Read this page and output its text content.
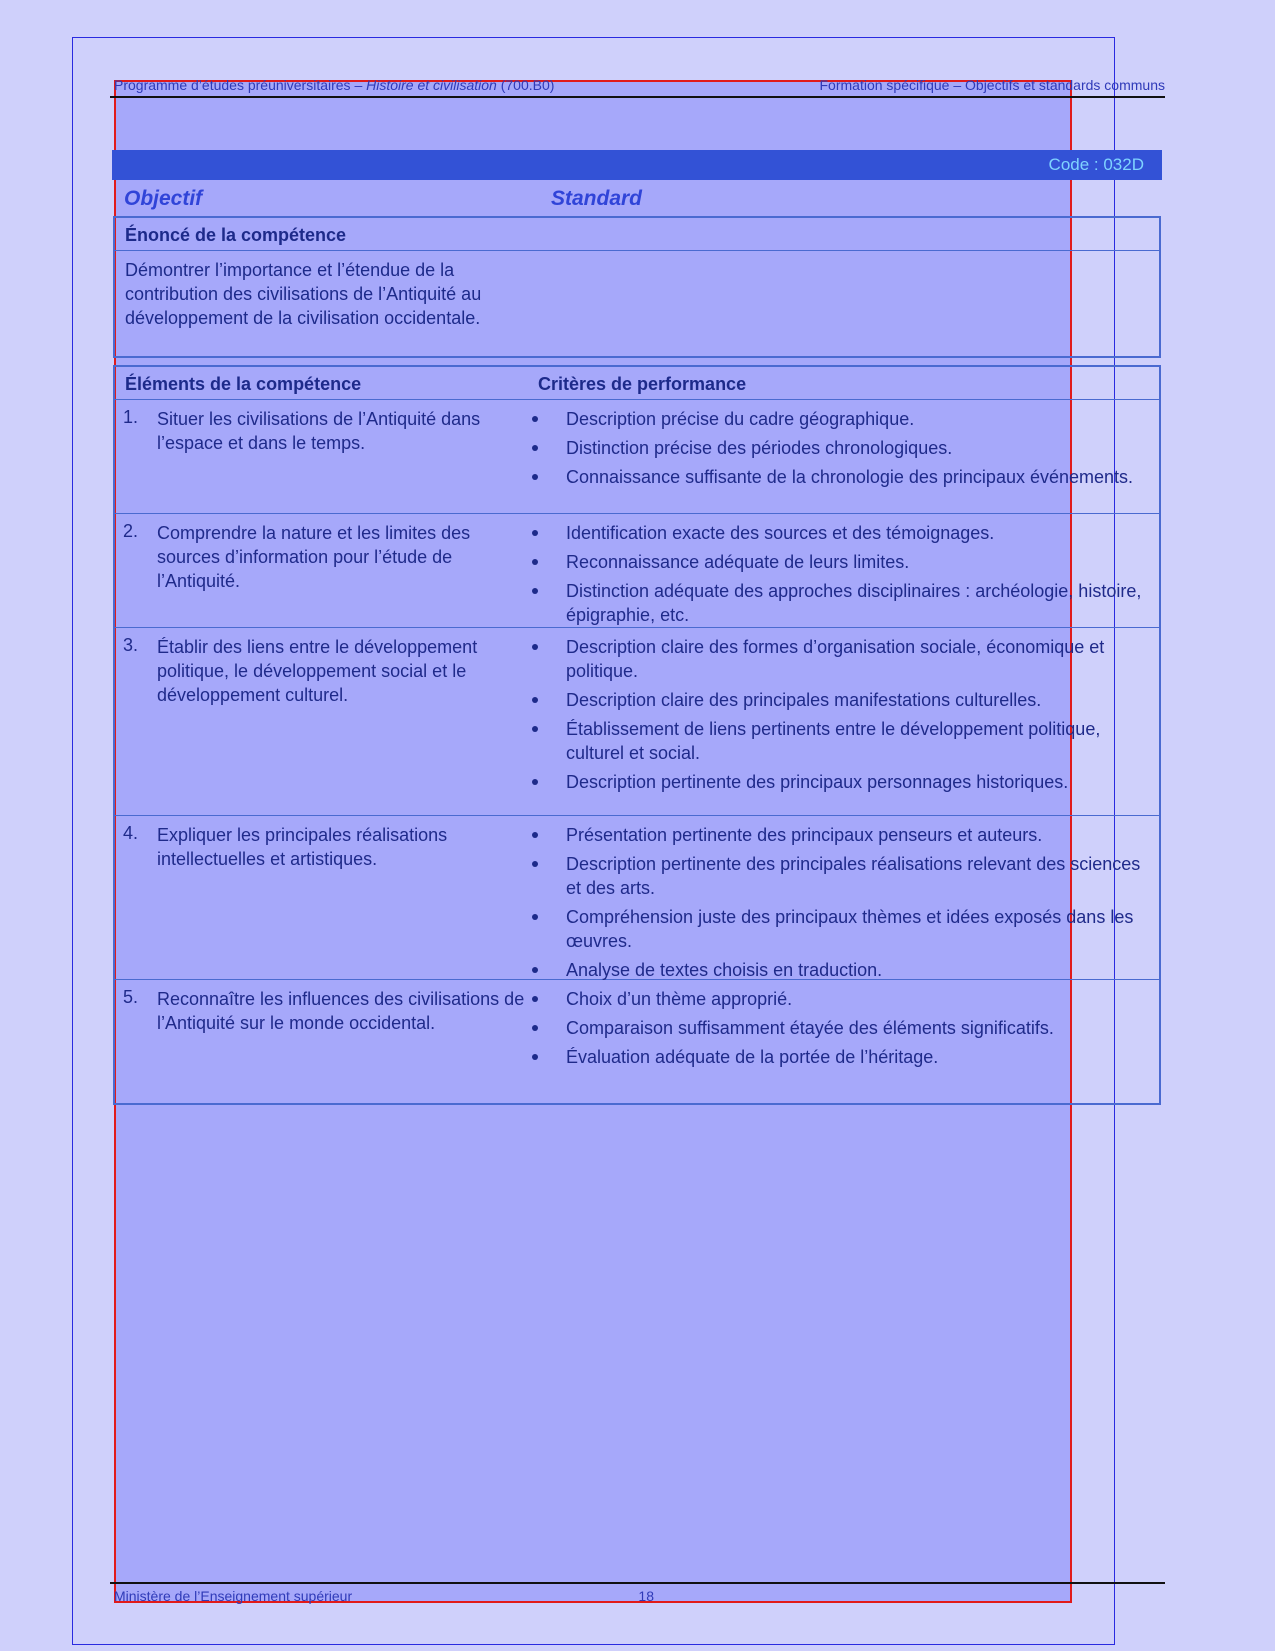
Programme d’études préuniversitaires – Histoire et civilisation (700.B0)	Formation spécifique – Objectifs et standards communs
Code : 032D
Objectif	Standard
Énoncé de la compétence
Démontrer l’importance et l’étendue de la contribution des civilisations de l’Antiquité au développement de la civilisation occidentale.
Éléments de la compétence	Critères de performance
1. Situer les civilisations de l’Antiquité dans l’espace et dans le temps.
Description précise du cadre géographique.
Distinction précise des périodes chronologiques.
Connaissance suffisante de la chronologie des principaux événements.
2. Comprendre la nature et les limites des sources d’information pour l’étude de l’Antiquité.
Identification exacte des sources et des témoignages.
Reconnaissance adéquate de leurs limites.
Distinction adéquate des approches disciplinaires : archéologie, histoire, épigraphie, etc.
3. Établir des liens entre le développement politique, le développement social et le développement culturel.
Description claire des formes d’organisation sociale, économique et politique.
Description claire des principales manifestations culturelles.
Établissement de liens pertinents entre le développement politique, culturel et social.
Description pertinente des principaux personnages historiques.
4. Expliquer les principales réalisations intellectuelles et artistiques.
Présentation pertinente des principaux penseurs et auteurs.
Description pertinente des principales réalisations relevant des sciences et des arts.
Compréhension juste des principaux thèmes et idées exposés dans les œuvres.
Analyse de textes choisis en traduction.
5. Reconnaître les influences des civilisations de l’Antiquité sur le monde occidental.
Choix d’un thème approprié.
Comparaison suffisamment étayée des éléments significatifs.
Évaluation adéquate de la portée de l’héritage.
Ministère de l’Enseignement supérieur	18
